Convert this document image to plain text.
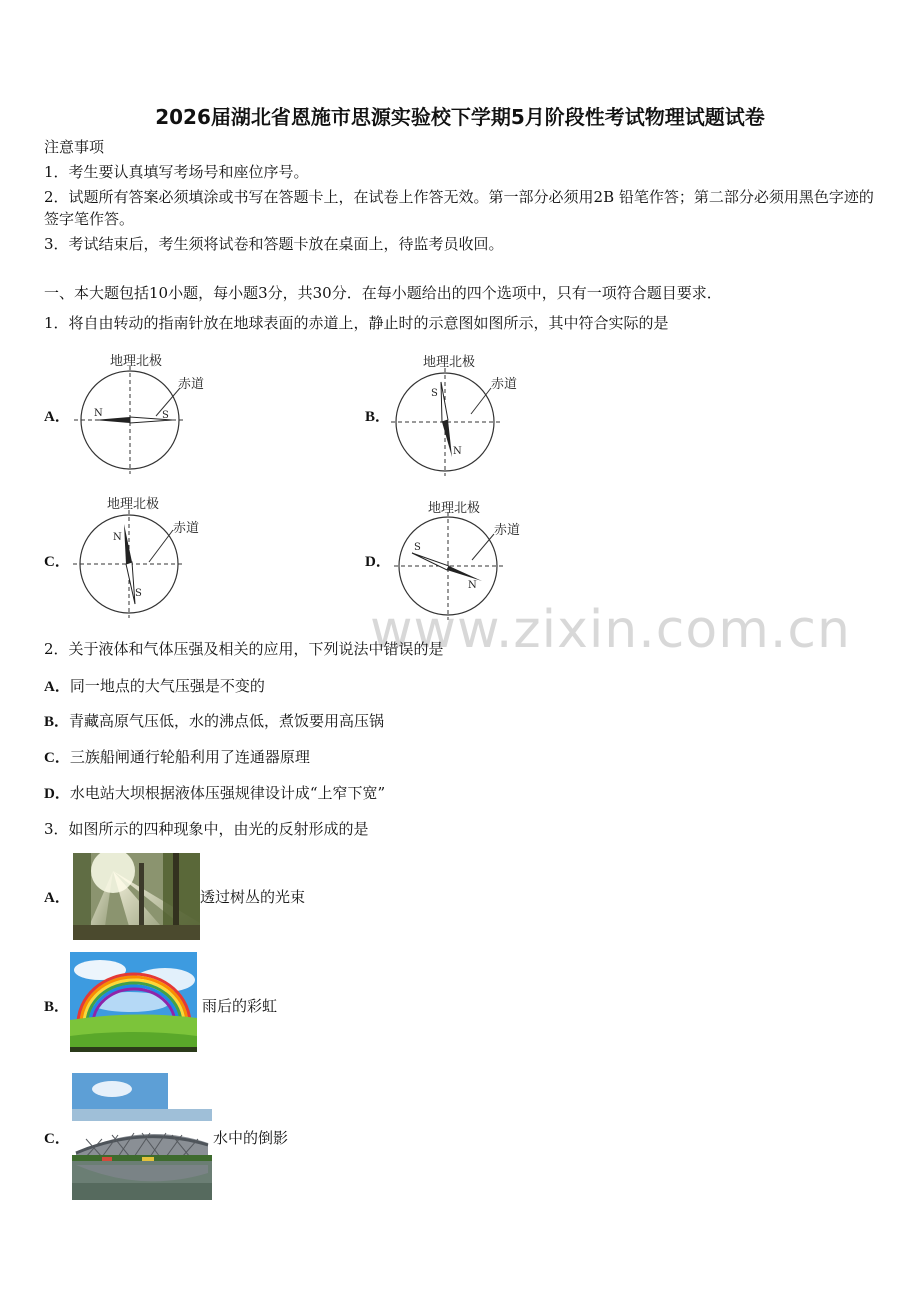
2026届湖北省恩施市思源实验校下学期5月阶段性考试物理试题试卷
注意事项
1．考生要认真填写考场号和座位序号。
2．试题所有答案必须填涂或书写在答题卡上，在试卷上作答无效。第一部分必须用2B 铅笔作答；第二部分必须用黑色字迹的签字笔作答。
3．考试结束后，考生须将试卷和答题卡放在桌面上，待监考员收回。
一、本大题包括10小题，每小题3分，共30分．在每小题给出的四个选项中，只有一项符合题目要求．
1．将自由转动的指南针放在地球表面的赤道上，静止时的示意图如图所示，其中符合实际的是
A．
地理北极
赤道
N	S	B．
地理北极
赤道
S
N
C．
地理北极
赤道
N
S
D．
地理北极
赤道
S
N
www.zixin.com.cn
2．关于液体和气体压强及相关的应用，下列说法中错误的是
A．同一地点的大气压强是不变的
B．青藏高原气压低，水的沸点低，煮饭要用高压锅
C．三族船闸通行轮船利用了连通器原理
D．水电站大坝根据液体压强规律设计成“上窄下宽”
3．如图所示的四种现象中，由光的反射形成的是
A．	透过树丛的光束
B．	雨后的彩虹
C．	水中的倒影
